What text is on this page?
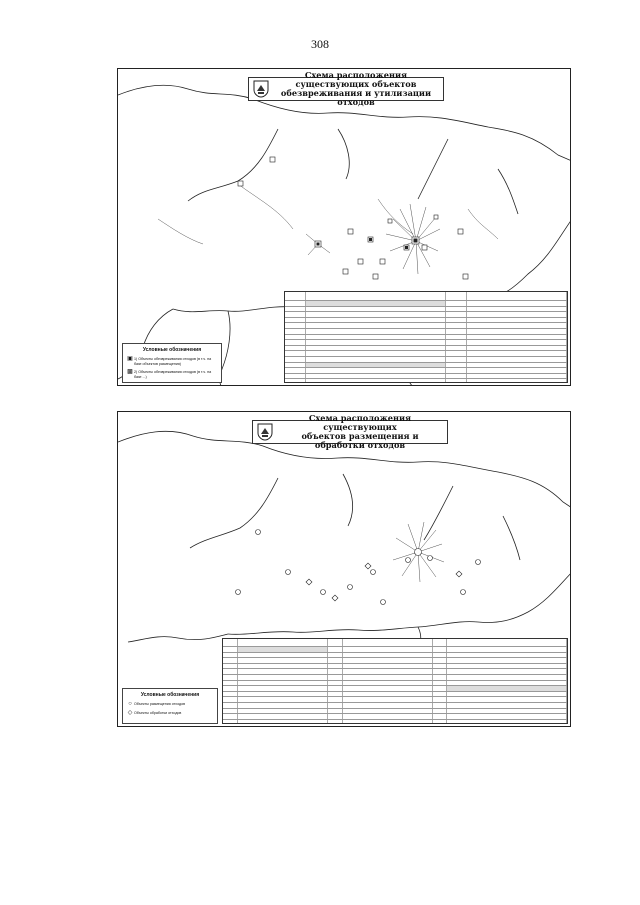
308
Схема расположения существующих объектов
обезвреживания и утилизации отходов
Условные обозначения
▣ 1) Объекты обезвреживания отходов (в т.ч. на базе объектов размещения)
▩ 2) Объекты обезвреживания отходов (в т.ч. на базе ...)
Схема расположения существующих
объектов размещения и обработки отходов
Условные обозначения
○ Объекты размещения отходов
◇ Объекты обработки отходов
